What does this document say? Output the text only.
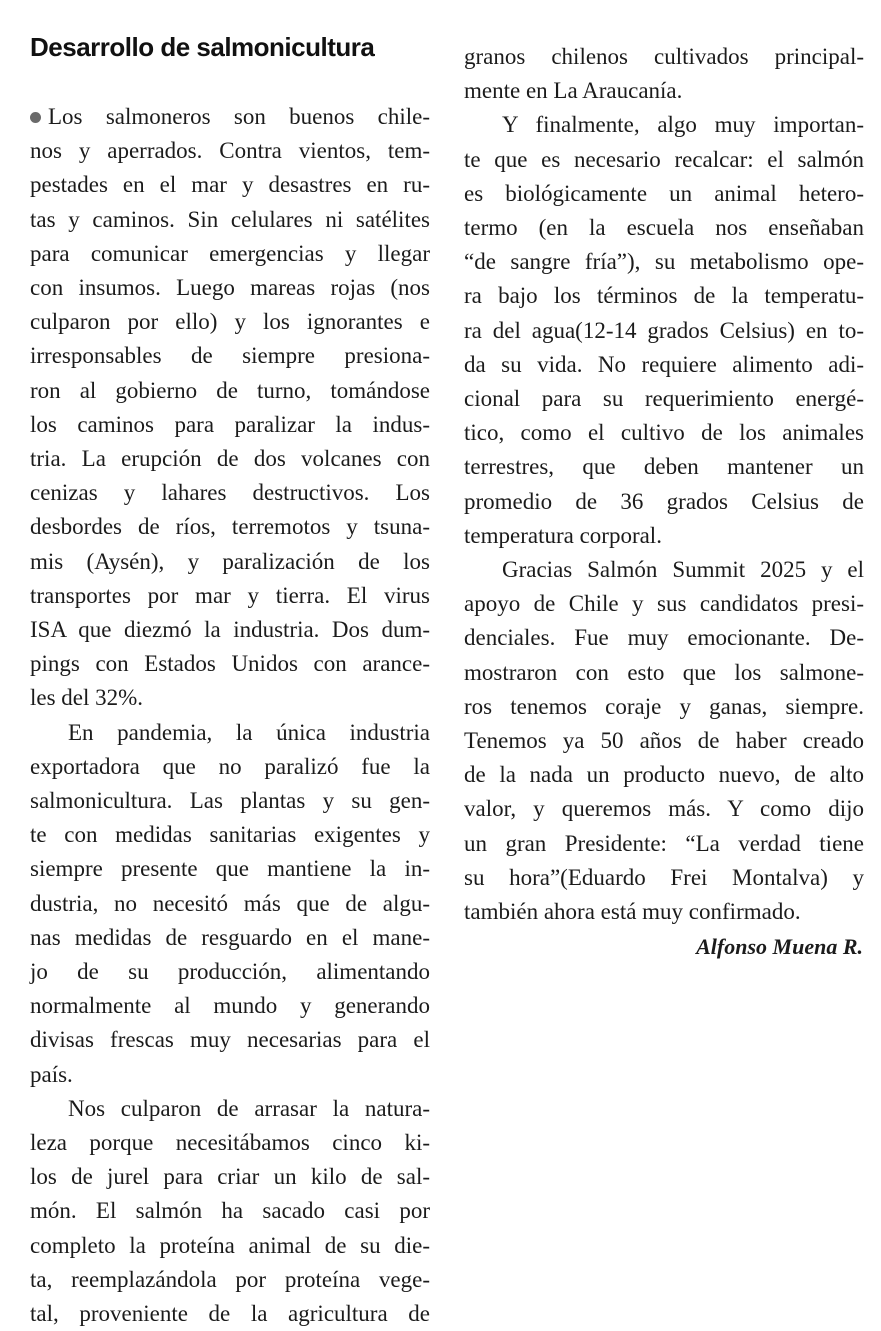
Desarrollo de salmonicultura
Los salmoneros son buenos chile-
nos y aperrados. Contra vientos, tem-
pestades en el mar y desastres en ru-
tas y caminos. Sin celulares ni satélites
para comunicar emergencias y llegar
con insumos. Luego mareas rojas (nos
culparon por ello) y los ignorantes e
irresponsables de siempre presiona-
ron al gobierno de turno, tomándose
los caminos para paralizar la indus-
tria. La erupción de dos volcanes con
cenizas y lahares destructivos. Los
desbordes de ríos, terremotos y tsuna-
mis (Aysén), y paralización de los
transportes por mar y tierra. El virus
ISA que diezmó la industria. Dos dum-
pings con Estados Unidos con arance-
les del 32%.
En pandemia, la única industria
exportadora que no paralizó fue la
salmonicultura. Las plantas y su gen-
te con medidas sanitarias exigentes y
siempre presente que mantiene la in-
dustria, no necesitó más que de algu-
nas medidas de resguardo en el mane-
jo de su producción, alimentando
normalmente al mundo y generando
divisas frescas muy necesarias para el
país.
Nos culparon de arrasar la natura-
leza porque necesitábamos cinco ki-
los de jurel para criar un kilo de sal-
món. El salmón ha sacado casi por
completo la proteína animal de su die-
ta, reemplazándola por proteína vege-
tal, proveniente de la agricultura de
granos chilenos cultivados principal-
mente en La Araucanía.
Y finalmente, algo muy importan-
te que es necesario recalcar: el salmón
es biológicamente un animal hetero-
termo (en la escuela nos enseñaban
“de sangre fría”), su metabolismo ope-
ra bajo los términos de la temperatu-
ra del agua(12-14 grados Celsius) en to-
da su vida. No requiere alimento adi-
cional para su requerimiento energé-
tico, como el cultivo de los animales
terrestres, que deben mantener un
promedio de 36 grados Celsius de
temperatura corporal.
Gracias Salmón Summit 2025 y el
apoyo de Chile y sus candidatos presi-
denciales. Fue muy emocionante. De-
mostraron con esto que los salmone-
ros tenemos coraje y ganas, siempre.
Tenemos ya 50 años de haber creado
de la nada un producto nuevo, de alto
valor, y queremos más. Y como dijo
un gran Presidente: “La verdad tiene
su hora”(Eduardo Frei Montalva) y
también ahora está muy confirmado.
Alfonso Muena R.
